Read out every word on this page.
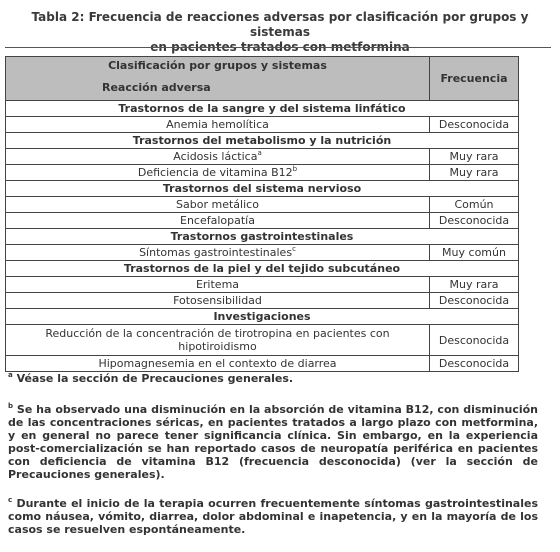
Tabla 2: Frecuencia de reacciones adversas por clasificación por grupos y sistemas
en pacientes tratados con metformina
Clasificación por grupos y sistemas
Reacción adversa	Frecuencia
Trastornos de la sangre y del sistema linfático	
Anemia hemolítica	Desconocida
Trastornos del metabolismo y la nutrición	
Acidosis láctica$^a$	Muy rara
Deficiencia de vitamina B12$^b$	Muy rara
Trastornos del sistema nervioso	
Sabor metálico	Común
Encefalopatía	Desconocida
Trastornos gastrointestinales	
Síntomas gastrointestinales$^c$	Muy común
Trastornos de la piel y del tejido subcutáneo	
Eritema	Muy rara
Fotosensibilidad	Desconocida
Investigaciones	
Reducción de la concentración de tirotropina en pacientes con hipotiroidismo	Desconocida
Hipomagnesemia en el contexto de diarrea	Desconocida
$^a$ Véase la sección de Precauciones generales.
$^b$ Se ha observado una disminución en la absorción de vitamina B12, con disminución de las concentraciones séricas, en pacientes tratados a largo plazo con metformina, y en general no parece tener significancia clínica. Sin embargo, en la experiencia post-comercialización se han reportado casos de neuropatía periférica en pacientes con deficiencia de vitamina B12 (frecuencia desconocida) (ver la sección de Precauciones generales).
$^c$ Durante el inicio de la terapia ocurren frecuentemente síntomas gastrointestinales como náusea, vómito, diarrea, dolor abdominal e inapetencia, y en la mayoría de los casos se resuelven espontáneamente.
